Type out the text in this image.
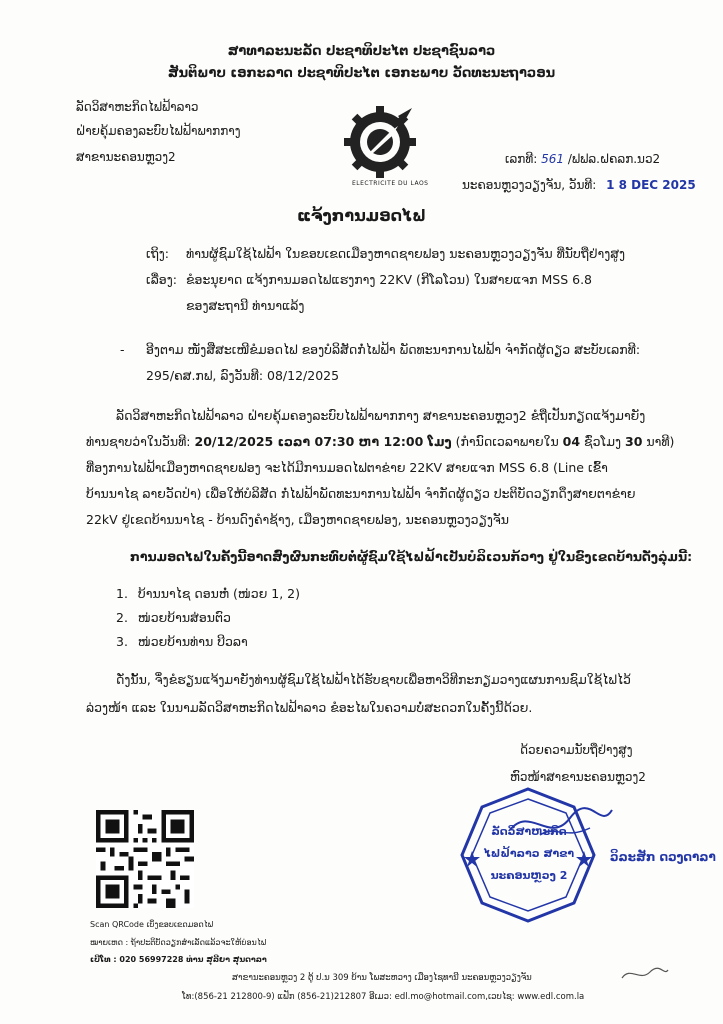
ສາທາລະນະລັດ ປະຊາທິປະໄຕ ປະຊາຊົນລາວ
ສັນຕິພາບ ເອກະລາດ ປະຊາທິປະໄຕ ເອກະພາບ ວັດທະນະຖາວອນ
ລັດວິສາຫະກິດໄຟຟ້າລາວ
ຝ່າຍຄຸ້ມຄອງລະບົບໄຟຟ້າພາກກາງ
ສາຂານະຄອນຫຼວງ2
ELECTRICITE DU LAOS
ເລກທີ: 561 /ຟຟລ.ຝຄລກ.ນວ2
ນະຄອນຫຼວງວຽງຈັນ, ວັນທີ: 1 8 DEC 2025
ແຈ້ງການມອດໄຟ
ເຖິງ: ທ່ານຜູ້ຊົມໃຊ້ໄຟຟ້າ ໃນຂອບເຂດເມືອງຫາດຊາຍຟອງ ນະຄອນຫຼວງວຽງຈັນ ທີ່ນັບຖືຢ່າງສູງ
ເລື່ອງ: ຂໍອະນຸຍາດ ແຈ້ງການມອດໄຟແຮງກາງ 22KV (ກີໂລໂວນ) ໃນສາຍແຈກ MSS 6.8
ຂອງສະຖານີ ທ່ານາແລ້ງ
- ອີງຕາມ ໜັງສືສະເໜີຂໍມອດໄຟ ຂອງບໍລິສັດກໍ່ໄຟຟ້າ ພັດທະນາການໄຟຟ້າ ຈໍາກັດຜູ້ດຽວ ສະບັບເລກທີ:
295/ຄສ.ກຟ, ລົງວັນທີ: 08/12/2025
ລັດວິສາຫະກິດໄຟຟ້າລາວ ຝ່າຍຄຸ້ມຄອງລະບົບໄຟຟ້າພາກກາງ ສາຂານະຄອນຫຼວງ2 ຂໍຖືເປັນກຽດແຈ້ງມາຍັງ
ທ່ານຊາບວ່າໃນວັນທີ: 20/12/2025 ເວລາ 07:30 ຫາ 12:00 ໂມງ (ກໍານົດເວລາພາຍໃນ 04 ຊົ່ວໂມງ 30 ນາທີ)
ທີ່ອງການໄຟຟ້າເມືອງຫາດຊາຍຟອງ ຈະໄດ້ມີການມອດໄຟຕາຂ່າຍ 22KV ສາຍແຈກ MSS 6.8 (Line ເຂົ້າ
ບ້ານນາໄຊ ລາຍວັດປ່າ) ເພື່ອໃຫ້ບໍລິສັດ ກໍ່ໄຟຟ້າພັດທະນາການໄຟຟ້າ ຈໍາກັດຜູ້ດຽວ ປະຕິບັດວຽກດຶງສາຍຕາຂ່າຍ
22kV ຢູ່ເຂດບ້ານນາໄຊ - ບ້ານດົງຄໍາຊ້າງ, ເມືອງຫາດຊາຍຟອງ, ນະຄອນຫຼວງວຽງຈັນ
ການມອດໄຟໃນຄັ້ງນີ້ອາດສົ່ງຜົນກະທົບຕໍ່ຜູ້ຊົມໃຊ້ໄຟຟ້າເປັນບໍລິເວນກ້ວາງ ຢູ່ໃນຂົງເຂດບ້ານດັ່ງລຸ່ມນີ້:
1. ບ້ານນາໄຊ ດອນຫໍ່ (ໜ່ວຍ 1, 2)
2. ໜ່ວຍບ້ານສ່ອນຕົວ
3. ໜ່ວຍບ້ານທ່ານ ບີວລາ
ດັ່ງນັ້ນ, ຈຶ່ງຂໍຮຽນແຈ້ງມາຍັງທ່ານຜູ້ຊົມໃຊ້ໄຟຟ້າໄດ້ຮັບຊາບເພື່ອຫາວິທີກະກຽມວາງແຜນການຊົມໃຊ້ໄຟໄວ້
ລ່ວງໜ້າ ແລະ ໃນນາມລັດວິສາຫະກິດໄຟຟ້າລາວ ຂໍອະໄພໃນຄວາມບໍ່ສະດວກໃນຄັ້ງນີ້ດ້ວຍ.
ດ້ວຍຄວາມນັບຖືຢ່າງສູງ
ຫົວໜ້າສາຂານະຄອນຫຼວງ2
ລັດວິສາຫະກິດ
ໄຟຟ້າລາວ ສາຂາ
ນະຄອນຫຼວງ 2
ວິລະສັກ ດວງດາລາ
Scan QRCode ເບິ່ງຂອບເຂດມອດໄຟ
ໝາຍເຫດ : ຖ້າປະຕິບັດວຽກສໍາເລັດແລ້ວຈະໃຫ້ບ່ອນໄຟ
ເບີໂທ : 020 56997228 ທ່ານ ສຸລີຍາ ສຸນດາລາ
ສາຂານະຄອນຫຼວງ 2 ຕູ້ ປ.ນ 309 ບ້ານ ໂພສະຫວາງ ເມືອງໄຊທານີ ນະຄອນຫຼວງວຽງຈັນ
ໂທ:(856-21 212800-9) ແຟັກ (856-21)212807 ອີເມວ: edl.mo@hotmail.com,ເວບໄຊ: www.edl.com.la
